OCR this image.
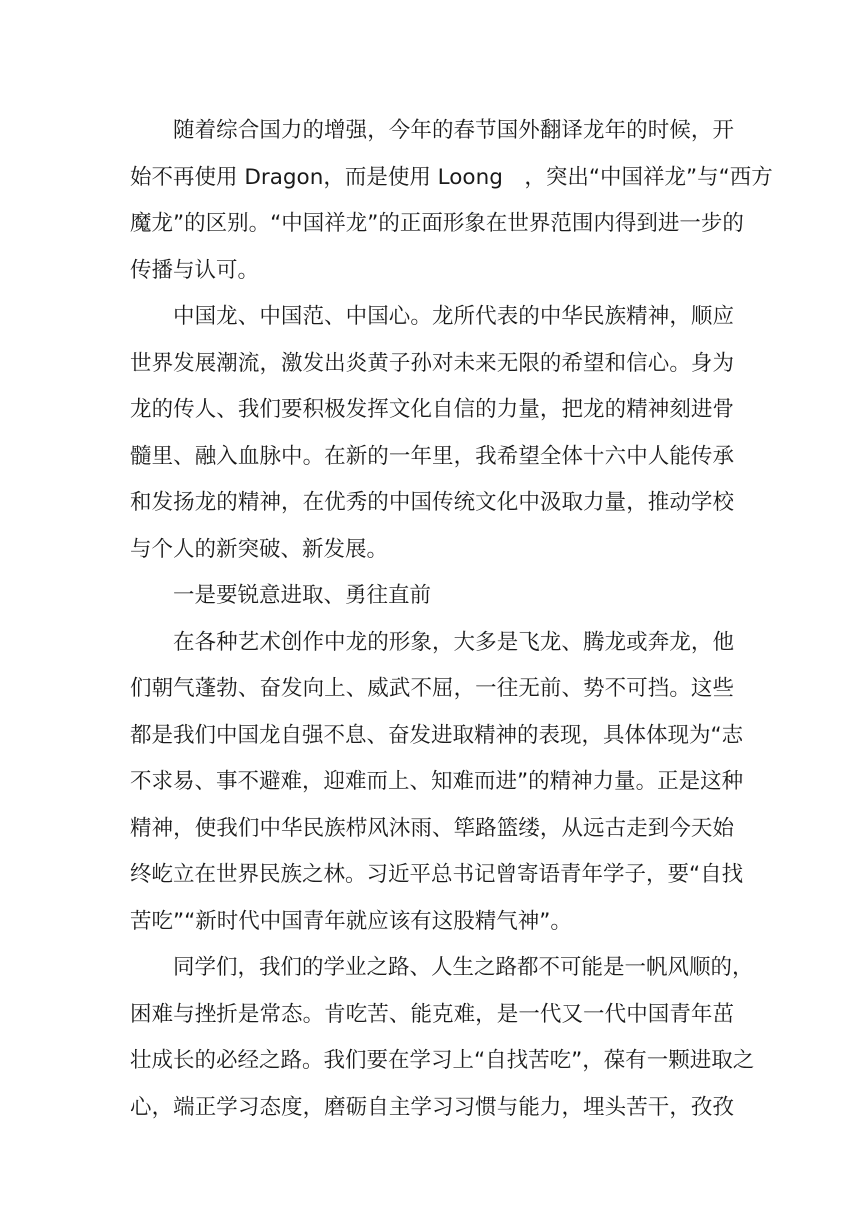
随着综合国力的增强，今年的春节国外翻译龙年的时候，开
始不再使用 Dragon，而是使用 Loong　，突出“中国祥龙”与“西方
魔龙”的区别。“中国祥龙”的正面形象在世界范围内得到进一步的
传播与认可。
中国龙、中国范、中国心。龙所代表的中华民族精神，顺应
世界发展潮流，激发出炎黄子孙对未来无限的希望和信心。身为
龙的传人、我们要积极发挥文化自信的力量，把龙的精神刻进骨
髓里、融入血脉中。在新的一年里，我希望全体十六中人能传承
和发扬龙的精神，在优秀的中国传统文化中汲取力量，推动学校
与个人的新突破、新发展。
一是要锐意进取、勇往直前
在各种艺术创作中龙的形象，大多是飞龙、腾龙或奔龙，他
们朝气蓬勃、奋发向上、威武不屈，一往无前、势不可挡。这些
都是我们中国龙自强不息、奋发进取精神的表现，具体体现为“志
不求易、事不避难，迎难而上、知难而进”的精神力量。正是这种
精神，使我们中华民族栉风沐雨、筚路篮缕，从远古走到今天始
终屹立在世界民族之林。习近平总书记曾寄语青年学子，要“自找
苦吃”“新时代中国青年就应该有这股精气神”。
同学们，我们的学业之路、人生之路都不可能是一帆风顺的，
困难与挫折是常态。肯吃苦、能克难，是一代又一代中国青年茁
壮成长的必经之路。我们要在学习上“自找苦吃”，葆有一颗进取之
心，端正学习态度，磨砺自主学习习惯与能力，埋头苦干，孜孜
